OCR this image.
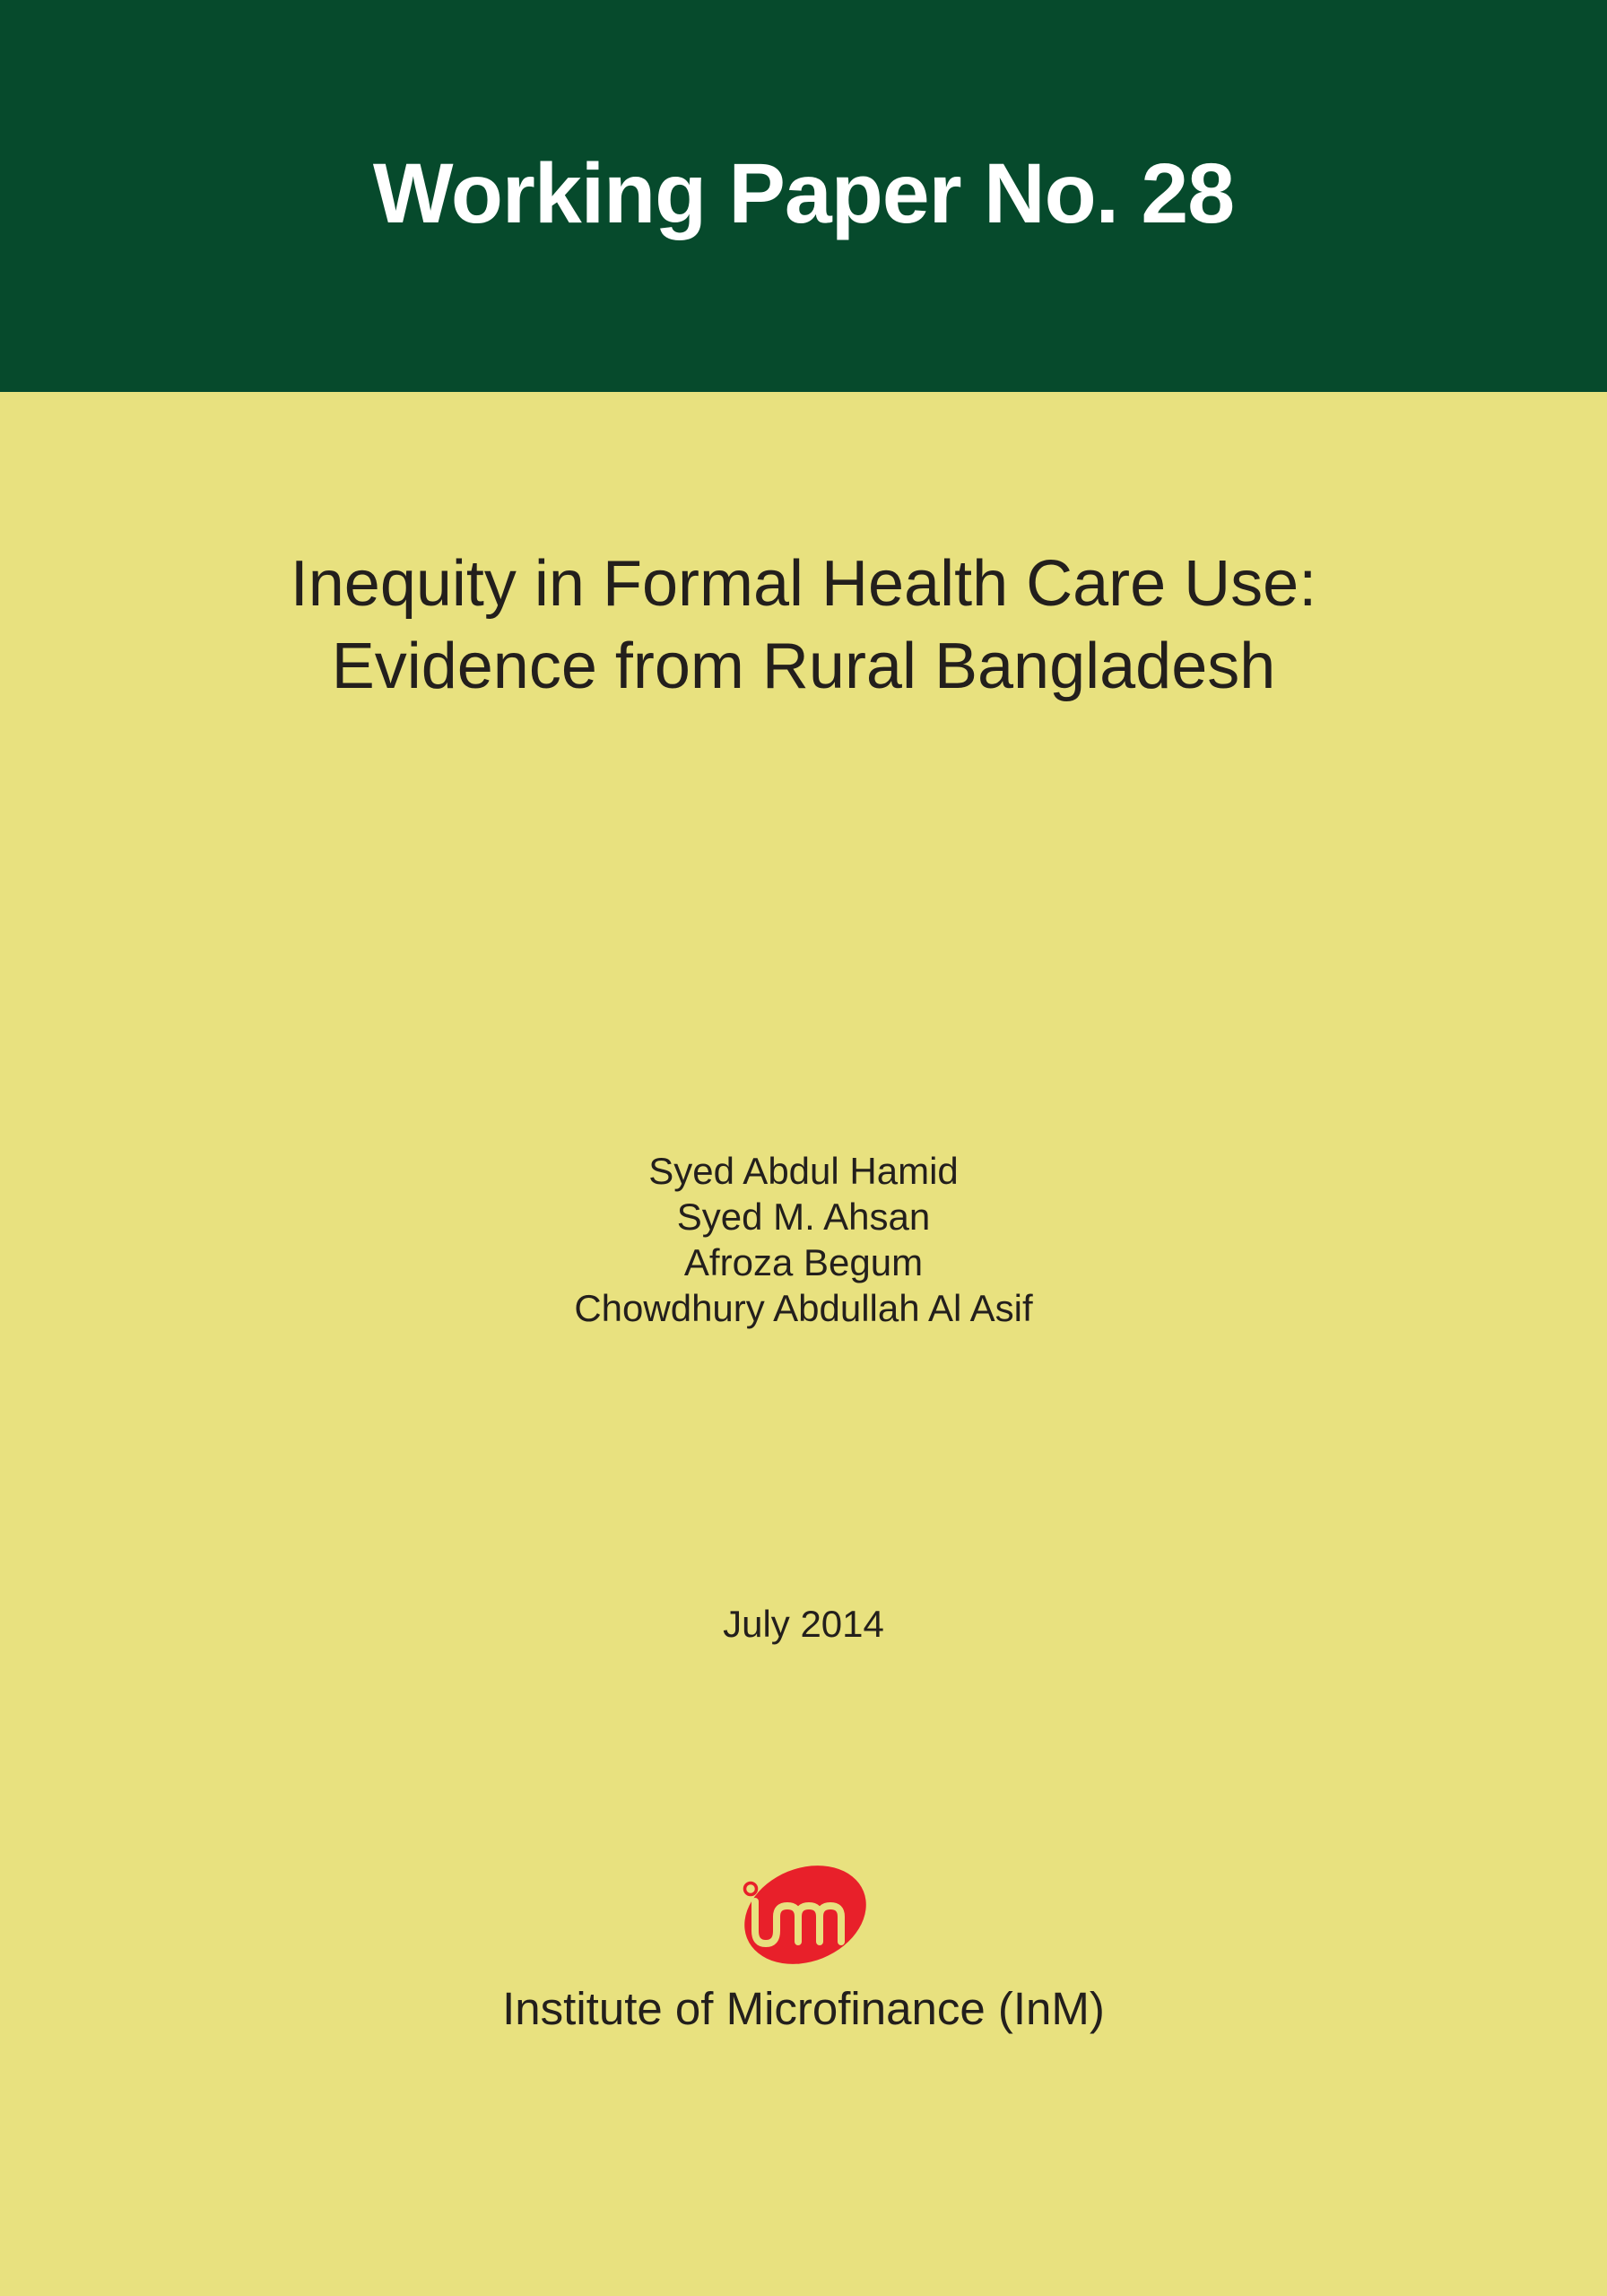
Working Paper No. 28
Inequity in Formal Health Care Use:
Evidence from Rural Bangladesh
Syed Abdul Hamid
Syed M. Ahsan
Afroza Begum
Chowdhury Abdullah Al Asif
July 2014
Institute of Microfinance (InM)
